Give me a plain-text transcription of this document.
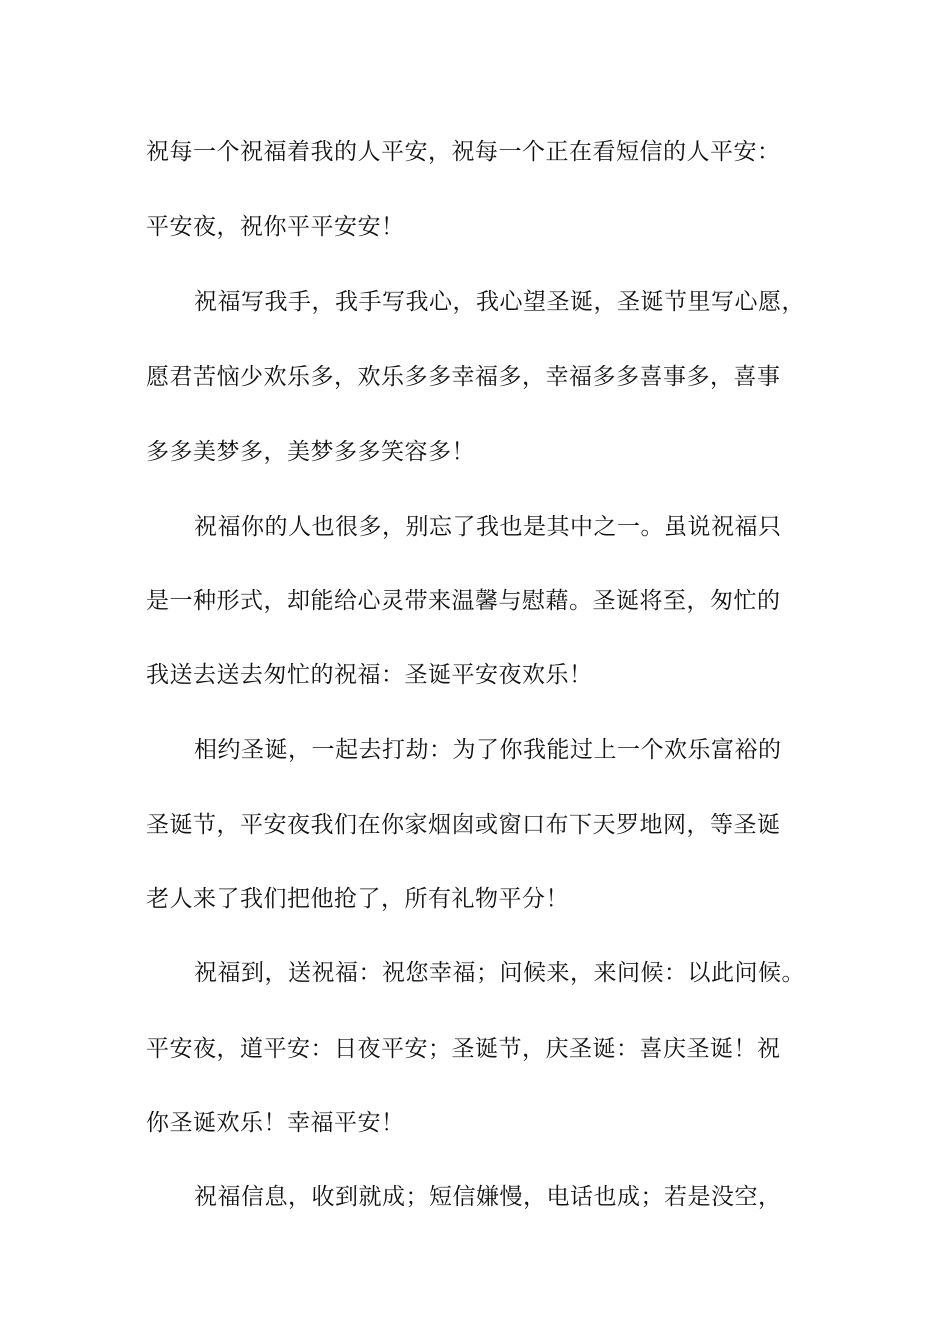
祝每一个祝福着我的人平安，祝每一个正在看短信的人平安：
平安夜，祝你平平安安！
祝福写我手，我手写我心，我心望圣诞，圣诞节里写心愿，
愿君苦恼少欢乐多，欢乐多多幸福多，幸福多多喜事多，喜事
多多美梦多，美梦多多笑容多！
祝福你的人也很多，别忘了我也是其中之一。虽说祝福只
是一种形式，却能给心灵带来温馨与慰藉。圣诞将至，匆忙的
我送去送去匆忙的祝福：圣诞平安夜欢乐！
相约圣诞，一起去打劫：为了你我能过上一个欢乐富裕的
圣诞节，平安夜我们在你家烟囱或窗口布下天罗地网，等圣诞
老人来了我们把他抢了，所有礼物平分！
祝福到，送祝福：祝您幸福；问候来，来问候：以此问候。
平安夜，道平安：日夜平安；圣诞节，庆圣诞：喜庆圣诞！祝
你圣诞欢乐！幸福平安！
祝福信息，收到就成；短信嫌慢，电话也成；若是没空，
